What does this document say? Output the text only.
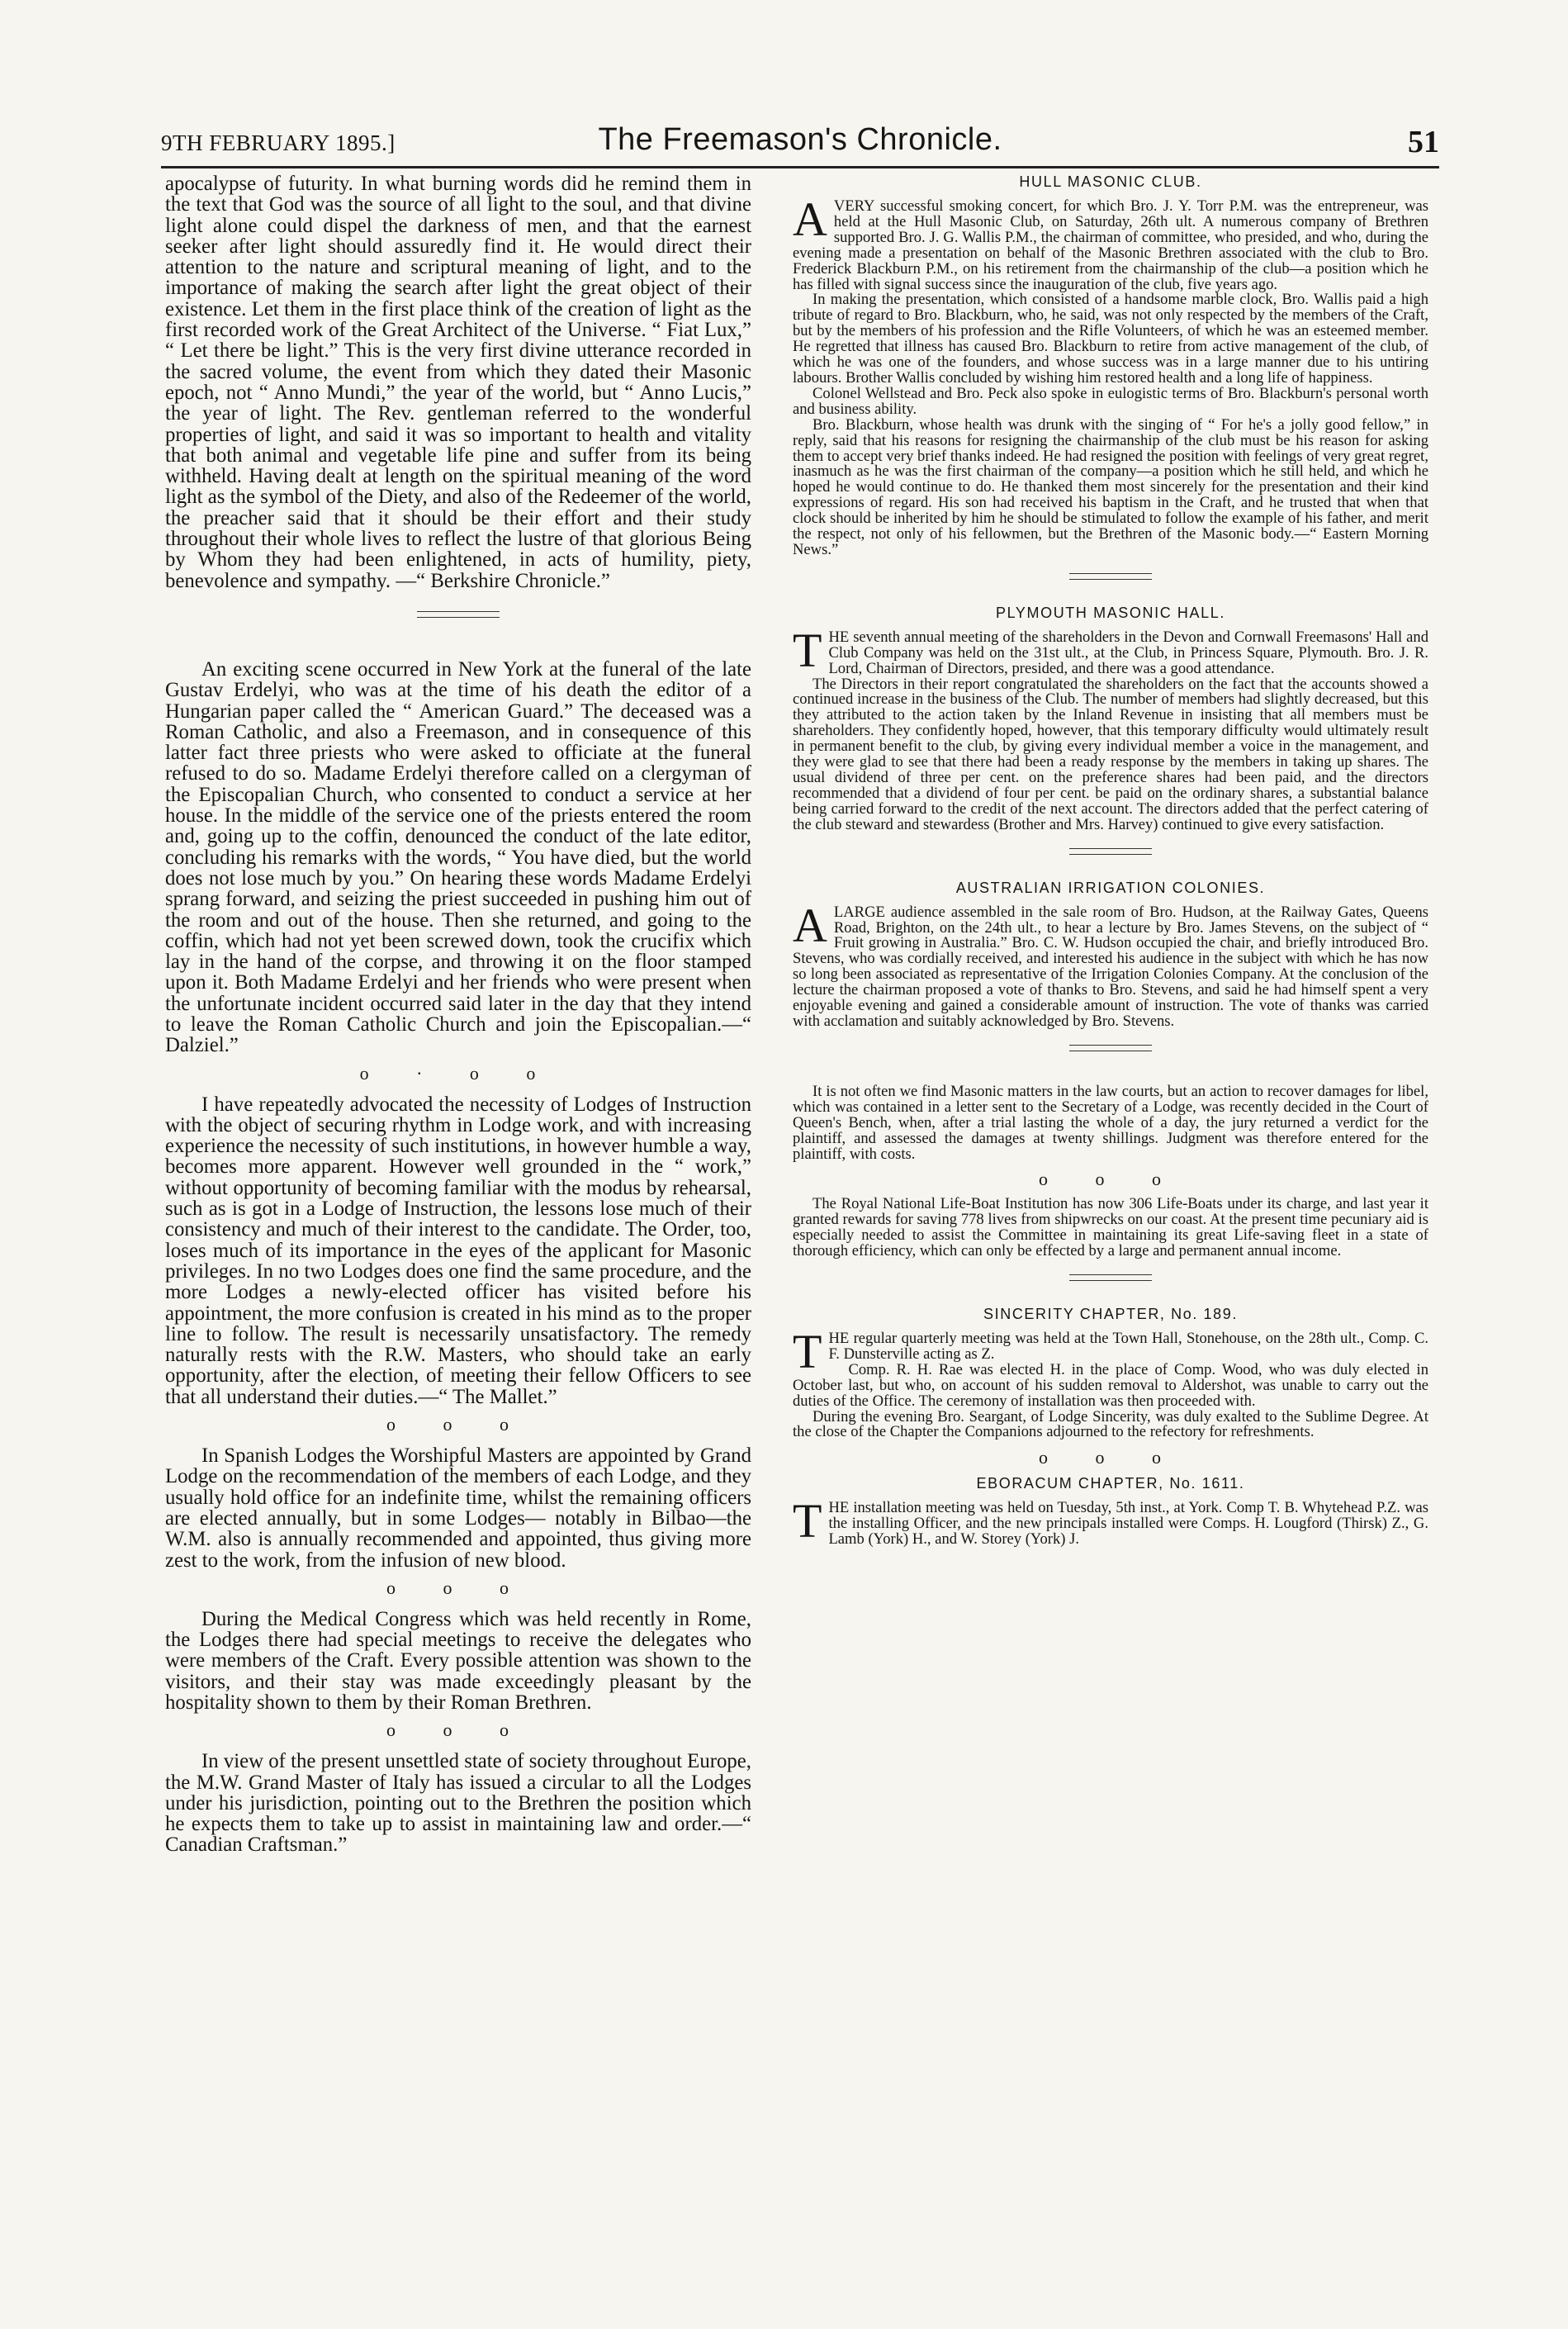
9TH FEBRUARY 1895.]	The Freemason's Chronicle.	51

apocalypse of futurity. In what burning words did he remind them in the text that God was the source of all light to the soul, and that divine light alone could dispel the darkness of men, and that the earnest seeker after light should assuredly find it. He would direct their attention to the nature and scriptural meaning of light, and to the importance of making the search after light the great object of their existence. Let them in the first place think of the creation of light as the first recorded work of the Great Architect of the Universe. “ Fiat Lux,” “ Let there be light.” This is the very first divine utterance recorded in the sacred volume, the event from which they dated their Masonic epoch, not “ Anno Mundi,” the year of the world, but “ Anno Lucis,” the year of light. The Rev. gentleman referred to the wonderful properties of light, and said it was so important to health and vitality that both animal and vegetable life pine and suffer from its being withheld. Having dealt at length on the spiritual meaning of the word light as the symbol of the Diety, and also of the Redeemer of the world, the preacher said that it should be their effort and their study throughout their whole lives to reflect the lustre of that glorious Being by Whom they had been enlightened, in acts of humility, piety, benevolence and sympathy. —“ Berkshire Chronicle.”

An exciting scene occurred in New York at the funeral of the late Gustav Erdelyi, who was at the time of his death the editor of a Hungarian paper called the “ American Guard.” The deceased was a Roman Catholic, and also a Freemason, and in consequence of this latter fact three priests who were asked to officiate at the funeral refused to do so. Madame Erdelyi therefore called on a clergyman of the Episcopalian Church, who consented to conduct a service at her house. In the middle of the service one of the priests entered the room and, going up to the coffin, denounced the conduct of the late editor, concluding his remarks with the words, “ You have died, but the world does not lose much by you.” On hearing these words Madame Erdelyi sprang forward, and seizing the priest succeeded in pushing him out of the room and out of the house. Then she returned, and going to the coffin, which had not yet been screwed down, took the crucifix which lay in the hand of the corpse, and throwing it on the floor stamped upon it. Both Madame Erdelyi and her friends who were present when the unfortunate incident occurred said later in the day that they intend to leave the Roman Catholic Church and join the Episcopalian.—“ Dalziel.”

o · o o

I have repeatedly advocated the necessity of Lodges of Instruction with the object of securing rhythm in Lodge work, and with increasing experience the necessity of such institutions, in however humble a way, becomes more apparent. However well grounded in the “ work,” without opportunity of becoming familiar with the modus by rehearsal, such as is got in a Lodge of Instruction, the lessons lose much of their consistency and much of their interest to the candidate. The Order, too, loses much of its importance in the eyes of the applicant for Masonic privileges. In no two Lodges does one find the same procedure, and the more Lodges a newly-elected officer has visited before his appointment, the more confusion is created in his mind as to the proper line to follow. The result is necessarily unsatisfactory. The remedy naturally rests with the R.W. Masters, who should take an early opportunity, after the election, of meeting their fellow Officers to see that all understand their duties.—“ The Mallet.”

o o o

In Spanish Lodges the Worshipful Masters are appointed by Grand Lodge on the recommendation of the members of each Lodge, and they usually hold office for an indefinite time, whilst the remaining officers are elected annually, but in some Lodges— notably in Bilbao—the W.M. also is annually recommended and appointed, thus giving more zest to the work, from the infusion of new blood.

o o o

During the Medical Congress which was held recently in Rome, the Lodges there had special meetings to receive the delegates who were members of the Craft. Every possible attention was shown to the visitors, and their stay was made exceedingly pleasant by the hospitality shown to them by their Roman Brethren.

o o o

In view of the present unsettled state of society throughout Europe, the M.W. Grand Master of Italy has issued a circular to all the Lodges under his jurisdiction, pointing out to the Brethren the position which he expects them to take up to assist in maintaining law and order.—“ Canadian Craftsman.”

HULL MASONIC CLUB.

AVERY successful smoking concert, for which Bro. J. Y. Torr P.M. was the entrepreneur, was held at the Hull Masonic Club, on Saturday, 26th ult. A numerous company of Brethren supported Bro. J. G. Wallis P.M., the chairman of committee, who presided, and who, during the evening made a presentation on behalf of the Masonic Brethren associated with the club to Bro. Frederick Blackburn P.M., on his retirement from the chairmanship of the club—a position which he has filled with signal success since the inauguration of the club, five years ago.

In making the presentation, which consisted of a handsome marble clock, Bro. Wallis paid a high tribute of regard to Bro. Blackburn, who, he said, was not only respected by the members of the Craft, but by the members of his profession and the Rifle Volunteers, of which he was an esteemed member. He regretted that illness has caused Bro. Blackburn to retire from active management of the club, of which he was one of the founders, and whose success was in a large manner due to his untiring labours. Brother Wallis concluded by wishing him restored health and a long life of happiness.

Colonel Wellstead and Bro. Peck also spoke in eulogistic terms of Bro. Blackburn's personal worth and business ability.

Bro. Blackburn, whose health was drunk with the singing of “ For he's a jolly good fellow,” in reply, said that his reasons for resigning the chairmanship of the club must be his reason for asking them to accept very brief thanks indeed. He had resigned the position with feelings of very great regret, inasmuch as he was the first chairman of the company—a position which he still held, and which he hoped he would continue to do. He thanked them most sincerely for the presentation and their kind expressions of regard. His son had received his baptism in the Craft, and he trusted that when that clock should be inherited by him he should be stimulated to follow the example of his father, and merit the respect, not only of his fellowmen, but the Brethren of the Masonic body.—“ Eastern Morning News.”

PLYMOUTH MASONIC HALL.

THE seventh annual meeting of the shareholders in the Devon and Cornwall Freemasons' Hall and Club Company was held on the 31st ult., at the Club, in Princess Square, Plymouth. Bro. J. R. Lord, Chairman of Directors, presided, and there was a good attendance.

The Directors in their report congratulated the shareholders on the fact that the accounts showed a continued increase in the business of the Club. The number of members had slightly decreased, but this they attributed to the action taken by the Inland Revenue in insisting that all members must be shareholders. They confidently hoped, however, that this temporary difficulty would ultimately result in permanent benefit to the club, by giving every individual member a voice in the management, and they were glad to see that there had been a ready response by the members in taking up shares. The usual dividend of three per cent. on the preference shares had been paid, and the directors recommended that a dividend of four per cent. be paid on the ordinary shares, a substantial balance being carried forward to the credit of the next account. The directors added that the perfect catering of the club steward and stewardess (Brother and Mrs. Harvey) continued to give every satisfaction.

AUSTRALIAN IRRIGATION COLONIES.

ALARGE audience assembled in the sale room of Bro. Hudson, at the Railway Gates, Queens Road, Brighton, on the 24th ult., to hear a lecture by Bro. James Stevens, on the subject of “ Fruit growing in Australia.” Bro. C. W. Hudson occupied the chair, and briefly introduced Bro. Stevens, who was cordially received, and interested his audience in the subject with which he has now so long been associated as representative of the Irrigation Colonies Company. At the conclusion of the lecture the chairman proposed a vote of thanks to Bro. Stevens, and said he had himself spent a very enjoyable evening and gained a considerable amount of instruction. The vote of thanks was carried with acclamation and suitably acknowledged by Bro. Stevens.

It is not often we find Masonic matters in the law courts, but an action to recover damages for libel, which was contained in a letter sent to the Secretary of a Lodge, was recently decided in the Court of Queen's Bench, when, after a trial lasting the whole of a day, the jury returned a verdict for the plaintiff, and assessed the damages at twenty shillings. Judgment was therefore entered for the plaintiff, with costs.

o o o

The Royal National Life-Boat Institution has now 306 Life-Boats under its charge, and last year it granted rewards for saving 778 lives from shipwrecks on our coast. At the present time pecuniary aid is especially needed to assist the Committee in maintaining its great Life-saving fleet in a state of thorough efficiency, which can only be effected by a large and permanent annual income.

SINCERITY CHAPTER, No. 189.

THE regular quarterly meeting was held at the Town Hall, Stonehouse, on the 28th ult., Comp. C. F. Dunsterville acting as Z.

Comp. R. H. Rae was elected H. in the place of Comp. Wood, who was duly elected in October last, but who, on account of his sudden removal to Aldershot, was unable to carry out the duties of the Office. The ceremony of installation was then proceeded with.

During the evening Bro. Seargant, of Lodge Sincerity, was duly exalted to the Sublime Degree. At the close of the Chapter the Companions adjourned to the refectory for refreshments.

o o o

EBORACUM CHAPTER, No. 1611.

THE installation meeting was held on Tuesday, 5th inst., at York. Comp T. B. Whytehead P.Z. was the installing Officer, and the new principals installed were Comps. H. Lougford (Thirsk) Z., G. Lamb (York) H., and W. Storey (York) J.
